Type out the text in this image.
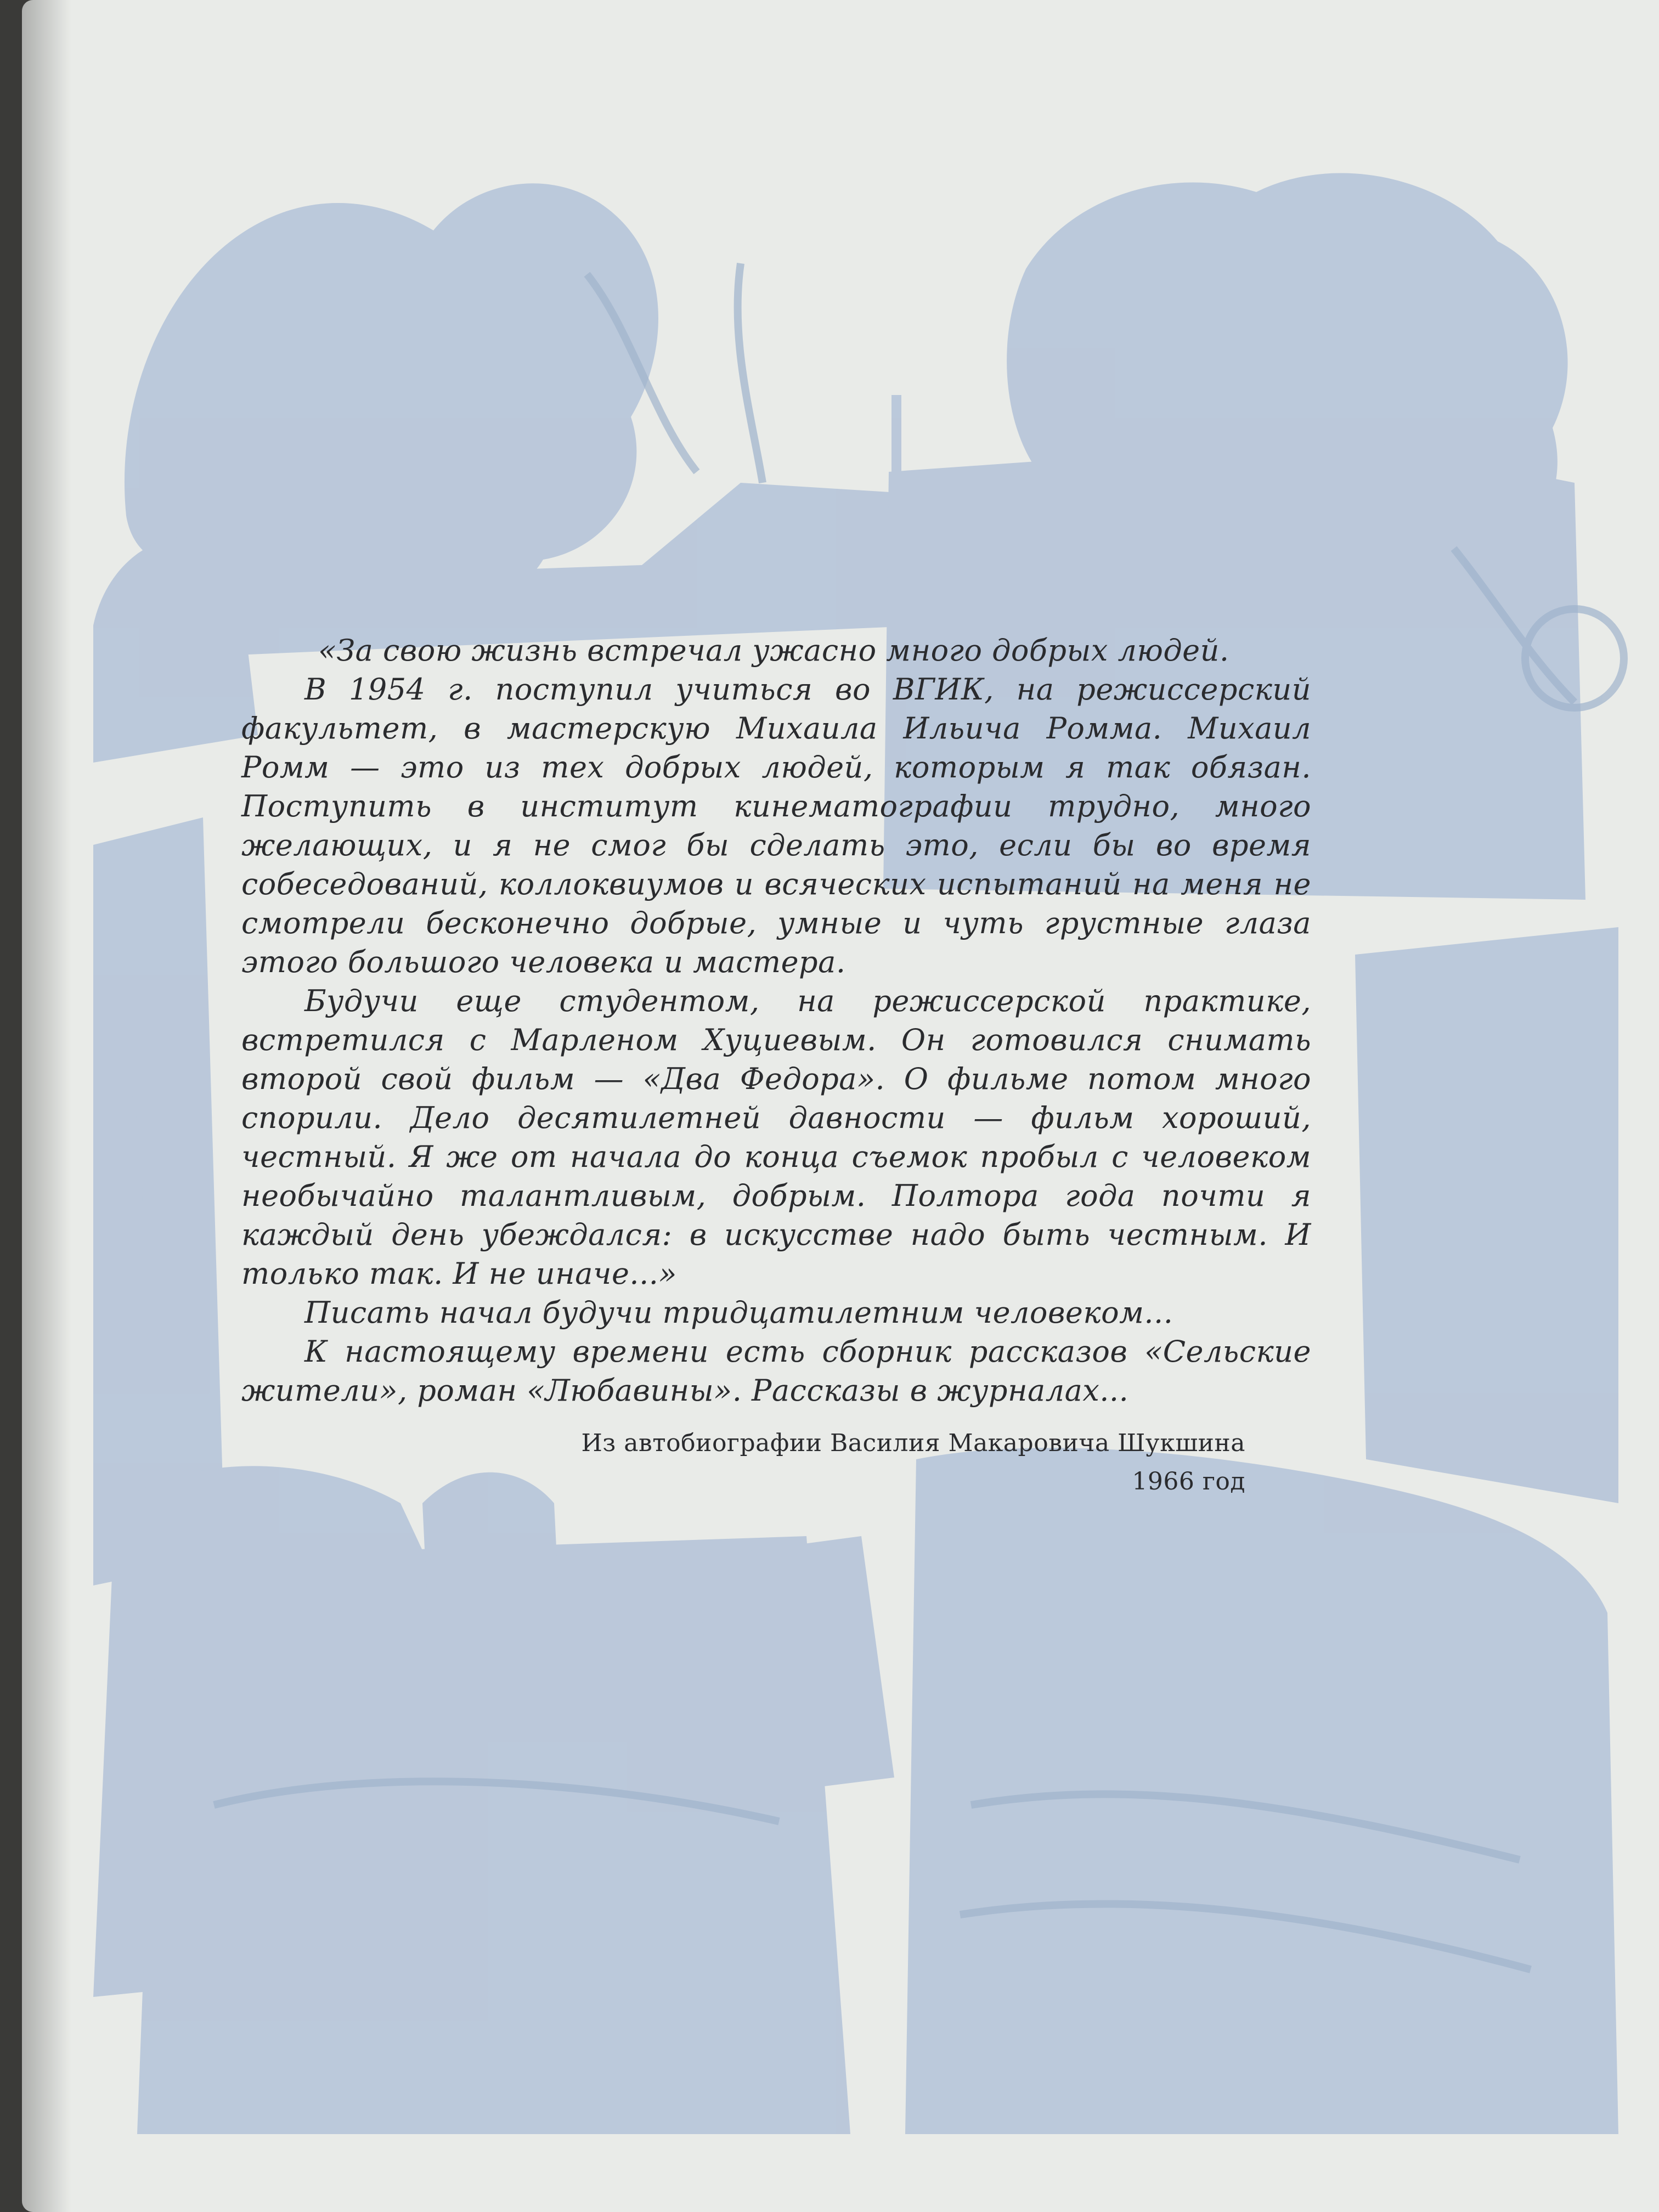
«За свою жизнь встречал ужасно много добрых людей.

В 1954 г. поступил учиться во ВГИК, на режиссерский факультет, в мастерскую Михаила Ильича Ромма. Михаил Ромм — это из тех добрых людей, которым я так обязан. Поступить в институт кинематографии трудно, много желающих, и я не смог бы сделать это, если бы во время собеседований, коллоквиумов и всяческих испытаний на меня не смотрели бесконечно добрые, умные и чуть грустные глаза этого большого человека и мастера.

Будучи еще студентом, на режиссерской практике, встретился с Марленом Хуциевым. Он готовился снимать второй свой фильм — «Два Федора». О фильме потом много спорили. Дело десятилетней давности — фильм хороший, честный. Я же от начала до конца съемок пробыл с человеком необычайно талантливым, добрым. Полтора года почти я каждый день убеждался: в искусстве надо быть честным. И только так. И не иначе...»

Писать начал будучи тридцатилетним человеком...

К настоящему времени есть сборник рассказов «Сельские жители», роман «Любавины». Рассказы в журналах...

Из автобиографии Василия Макаровича Шукшина
1966 год
